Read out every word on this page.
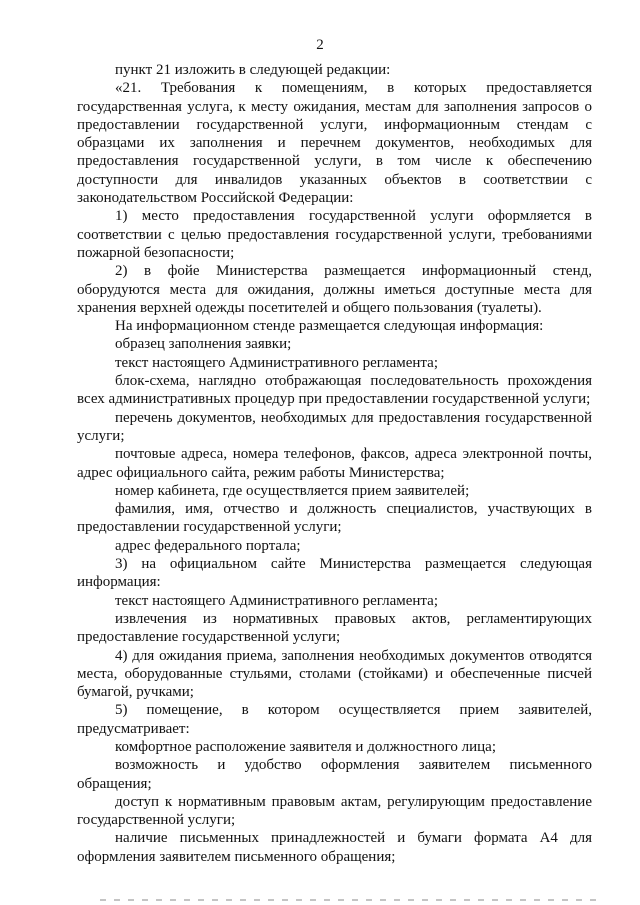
2

пункт 21 изложить в следующей редакции:

«21. Требования к помещениям, в которых предоставляется государственная услуга, к месту ожидания, местам для заполнения запросов о предоставлении государственной услуги, информационным стендам с образцами их заполнения и перечнем документов, необходимых для предоставления государственной услуги, в том числе к обеспечению доступности для инвалидов указанных объектов в соответствии с законодательством Российской Федерации:

1) место предоставления государственной услуги оформляется в соответствии с целью предоставления государственной услуги, требованиями пожарной безопасности;

2) в фойе Министерства размещается информационный стенд, оборудуются места для ожидания, должны иметься доступные места для хранения верхней одежды посетителей и общего пользования (туалеты).

На информационном стенде размещается следующая информация:

образец заполнения заявки;

текст настоящего Административного регламента;

блок-схема, наглядно отображающая последовательность прохождения всех административных процедур при предоставлении государственной услуги;

перечень документов, необходимых для предоставления государственной услуги;

почтовые адреса, номера телефонов, факсов, адреса электронной почты, адрес официального сайта, режим работы Министерства;

номер кабинета, где осуществляется прием заявителей;

фамилия, имя, отчество и должность специалистов, участвующих в предоставлении государственной услуги;

адрес федерального портала;

3) на официальном сайте Министерства размещается следующая информация:

текст настоящего Административного регламента;

извлечения из нормативных правовых актов, регламентирующих предоставление государственной услуги;

4) для ожидания приема, заполнения необходимых документов отводятся места, оборудованные стульями, столами (стойками) и обеспеченные писчей бумагой, ручками;

5) помещение, в котором осуществляется прием заявителей, предусматривает:

комфортное расположение заявителя и должностного лица;

возможность и удобство оформления заявителем письменного обращения;

доступ к нормативным правовым актам, регулирующим предоставление государственной услуги;

наличие письменных принадлежностей и бумаги формата А4 для оформления заявителем письменного обращения;
